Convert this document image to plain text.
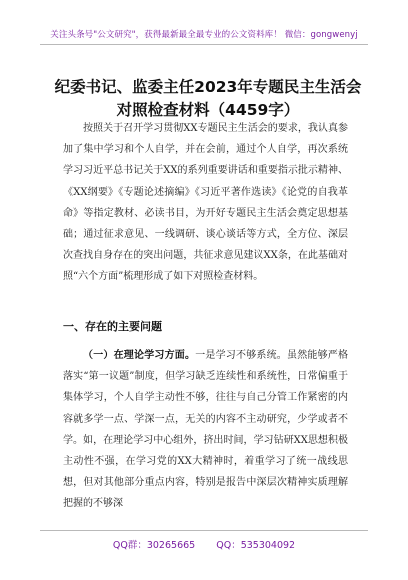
关注头条号"公文研究"，获得最新最全最专业的公文资料库！ 微信：gongwenyj
纪委书记、监委主任2023年专题民主生活会对照检查材料（4459字）
按照关于召开学习贯彻XX专题民主生活会的要求，我认真参加了集中学习和个人自学，并在会前，通过个人自学，再次系统学习习近平总书记关于XX的系列重要讲话和重要指示批示精神、《XX纲要》《专题论述摘编》《习近平著作选读》《论党的自我革命》等指定教材、必读书目，为开好专题民主生活会奠定思想基础；通过征求意见、一线调研、谈心谈话等方式，全方位、深层次查找自身存在的突出问题，共征求意见建议XX条，在此基础对照“六个方面”梳理形成了如下对照检查材料。
一、存在的主要问题
（一）在理论学习方面。一是学习不够系统。虽然能够严格落实“第一议题”制度，但学习缺乏连续性和系统性，日常偏重于集体学习，个人自学主动性不够，往往与自己分管工作紧密的内容就多学一点、学深一点，无关的内容不主动研究，少学或者不学。如，在理论学习中心组外，挤出时间，学习钻研XX思想积极主动性不强，在学习党的XX大精神时，着重学习了统一战线思想，但对其他部分重点内容，特别是报告中深层次精神实质理解把握的不够深
QQ群：30265665 QQ：535304092
